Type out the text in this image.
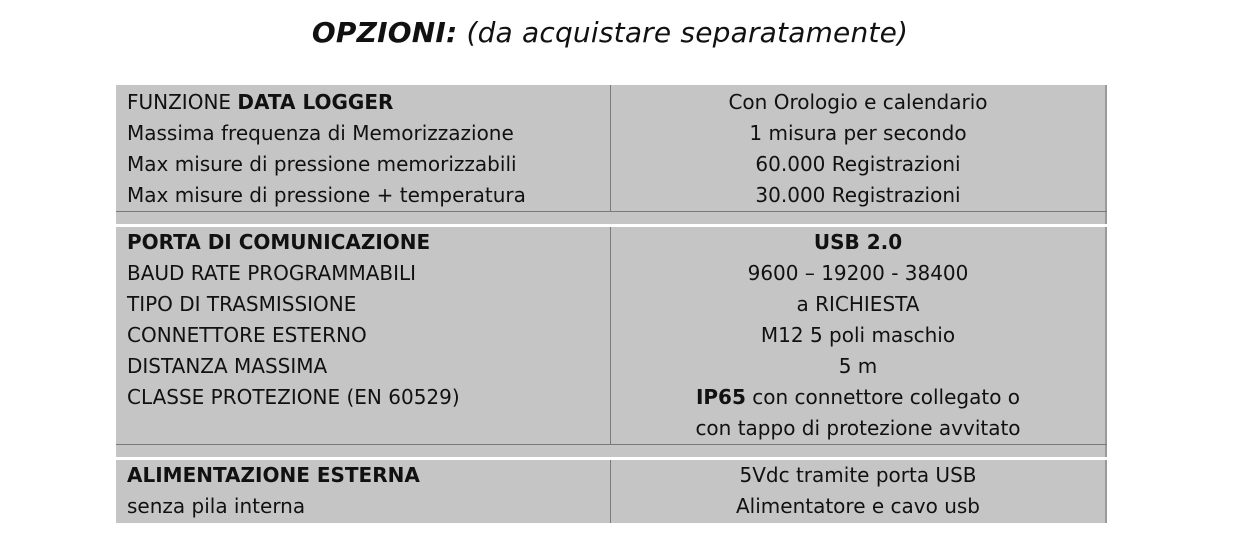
OPZIONI: (da acquistare separatamente)
FUNZIONE DATA LOGGER	Con Orologio e calendario
Massima frequenza di Memorizzazione	1 misura per secondo
Max misure di pressione memorizzabili	60.000 Registrazioni
Max misure di pressione + temperatura	30.000 Registrazioni
PORTA DI COMUNICAZIONE	USB 2.0
BAUD RATE PROGRAMMABILI	9600 – 19200 - 38400
TIPO DI TRASMISSIONE	a RICHIESTA
CONNETTORE ESTERNO	M12 5 poli maschio
DISTANZA MASSIMA	5 m
CLASSE PROTEZIONE (EN 60529)	IP65 con connettore collegato o
con tappo di protezione avvitato
ALIMENTAZIONE ESTERNA	5Vdc tramite porta USB
senza pila interna	Alimentatore e cavo usb
